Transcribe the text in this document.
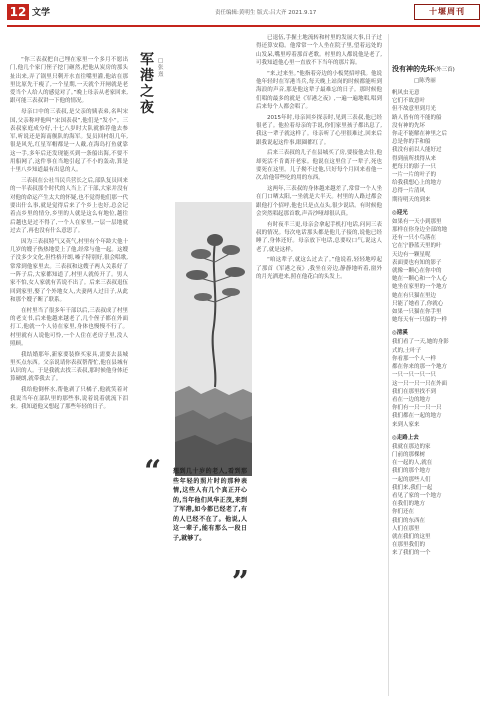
12 文学	责任编辑:黄明生 版式:吕大齐 2021.9.17	十堰周刊

“你三表叔把自己埋在家里一个多月不愿出门,他几个家门侄子挖门砸然,把他从炭房的那头扯出来,弄了锅里只剩开水直往嘴里灌,他站在那里比原先干瘦了,一个星期,一天就个开闸就是老爱当个人给人的感觉对了。”晚上母亲从老家回来,跟可能三表叔讲一下他的情况。

母亲口中的三表叔,是父亲的姨表弟,名叫宋国,父亲称呼他叫“宋国表叔”,他们是“发小”。三表叔家庭成分好,十七八岁时大队就推荐他去参军,听说还是海南舰队的海军。复员回村组几年,很是风光,红星军帽都是一人戴,在海岛打鱼就靠这一手,多年后还发现能买到一条船出海,不要不用船网了,这件事在当地引起了不小的轰动,算是十里八乡知道最有出息的人。

三表叔在公社当民兵营长之后,部队复员回来的一半表叔那个时代的人当上了干部,大家并没有对他的命运产生太大的怀疑,也不觉得他们那一代要出什么事,就是觉得后来了个乡上也好,总会记着点乡里的情分,乡里的人就是这么有地位,越往后越也是过不得了,一个人在家里,一层一层地就过去了,再也没有什么意思了。

因为三表叔特气又英气,村里有个年龄大他十几岁的嫂子热热地爱上了他,经常与他一起。这嫂子没多少文化,但性格开朗,嗓子特别好,很会唱歌,常常到他家里去。三表叔和这嫂子两人关系好了一阵子后,大家都知道了,村里人就传开了。男人家不怕,女人家就有苦说不出了。后来三表叔退伍回到家里,娶了个外地女人,夫妻两人过日子,从此和那个嫂子断了联系。

在村里当了很多年干部以后,三表叔成了村里的老支书,后来他越来越老了,几个侄子都在外面打工,他就一个人待在家里,身体也慢慢不行了。村里就有人说他可怜,一个人住在老房子里,没人照顾。

我结婚那年,新家要装修买家具,需要去县城里买点东西。父亲说请你表叔帮帮忙,他在县城有认识的人。于是我就去找三表叔,那时候他身体还算硬朗,就带我去了。

我给他倒杯水,帮他剥了只橘子,他就笑着对我说当年在部队里的那些事,说着说着就流下泪来。我知道他又想起了那些年轻的日子。

军港之夜
□张熹
“ 想到几十岁的老人,看到那些年轻的照片时的那种表情,这些人有几个真正开心的,当年他们风华正茂,来到了军港,如今都已经老了,有的人已经不在了。他说,人这一辈子,能有那么一段日子,就够了。
”

已退伍,手握土地流转和村里的发展大事,日子过得还算安稳。他常常一个人坐在院子里,望着远处的山发呆,嘴里哼着那首老歌。村里的人都说他是老了,可我知道他心里一直放不下当年的那片海。

“来,过来坐。”他指着旁边的小板凳招呼我。他说他年轻时在军港当兵,每天晚上站岗的时候都能听到海浪的声音,那是他这辈子最难忘的日子。那时候他们唱的最多的就是《军港之夜》,一遍一遍地唱,唱到后来每个人都会唱了。

2015年时,母亲回乡探亲时,见到三表叔,他已经很老了。他拉着母亲的手说,你们家里孩子都出息了,我这一辈子就这样了。母亲听了心里很难过,回来后跟我说起这件事,眼圈都红了。

后来三表叔的儿子在县城买了房,要接他去住,他却死活不肯离开老家。他说在这里住了一辈子,死也要死在这里。儿子拗不过他,只好每个月回来看他一次,给他带些吃的用的东西。

这两年,三表叔的身体越来越差了,常常一个人坐在门口晒太阳,一坐就是大半天。村里的人路过都会跟他打个招呼,他也只是点点头,很少说话。有时候他会突然唱起那首歌,声音沙哑却很认真。

有时夜半三更,母亲会拿起手机打电话,问问三表叔的情况。每次电话那头都是他儿子接的,说他已经睡了,身体还好。母亲放下电话,总要叹口气,说这人老了,就是这样。

“咱这辈子,就这么过去了。”他说着,轻轻地哼起了那首《军港之夜》,我坐在旁边,静静地听着,窗外的月光洒进来,照在他花白的头发上。

没有神的先坏(外三首)
□陈秀丽
帆风虫无意
它们不故意叶
但不故意里到月光
路人皆有的不能的船
没有神的先坏
你走不能解在神里之后
总是你的手和船
我没有前以人能好过
得到前所找得从来
把每只的影子一只
一片一片的叶子的
给我我想心上的地方
总得一片清风
期待明天的到来
◎迎光
如果有一天小到那里
那样在你身边全部的地
还有一只小鸟落在
它在宁静蓝天里的叶
天边有一颗星呢
表面要也有知的影子
就像一颗心在你中的
她在一颗心和一个人心
她坐在家里的一个地方
她在有只猫在里边
只能了她看了,你就心
如果一只猫在你手里
她每天有一只船的一样
◎清溪
我们看了一天,她的身影
式的,土叶子
你看那一个人一样
都在你来的那一个地方
一只一只一只一只
这一只一只一只在外面
我们在那里找不到
看在一边的地方
你们有一只一只一只
我们都在一起的地方
来到人家来
◎走路上去
我就在那边的家
门前的那棵树
在一起的人,就在
我们的那个地方
一起的那些人们
我们来,我们一起
看见了家的一个地方
在我们的地方
你们还在
我们的东西在
人们在那里
就在我们的这里
在那里我们的
来了我们的一个
